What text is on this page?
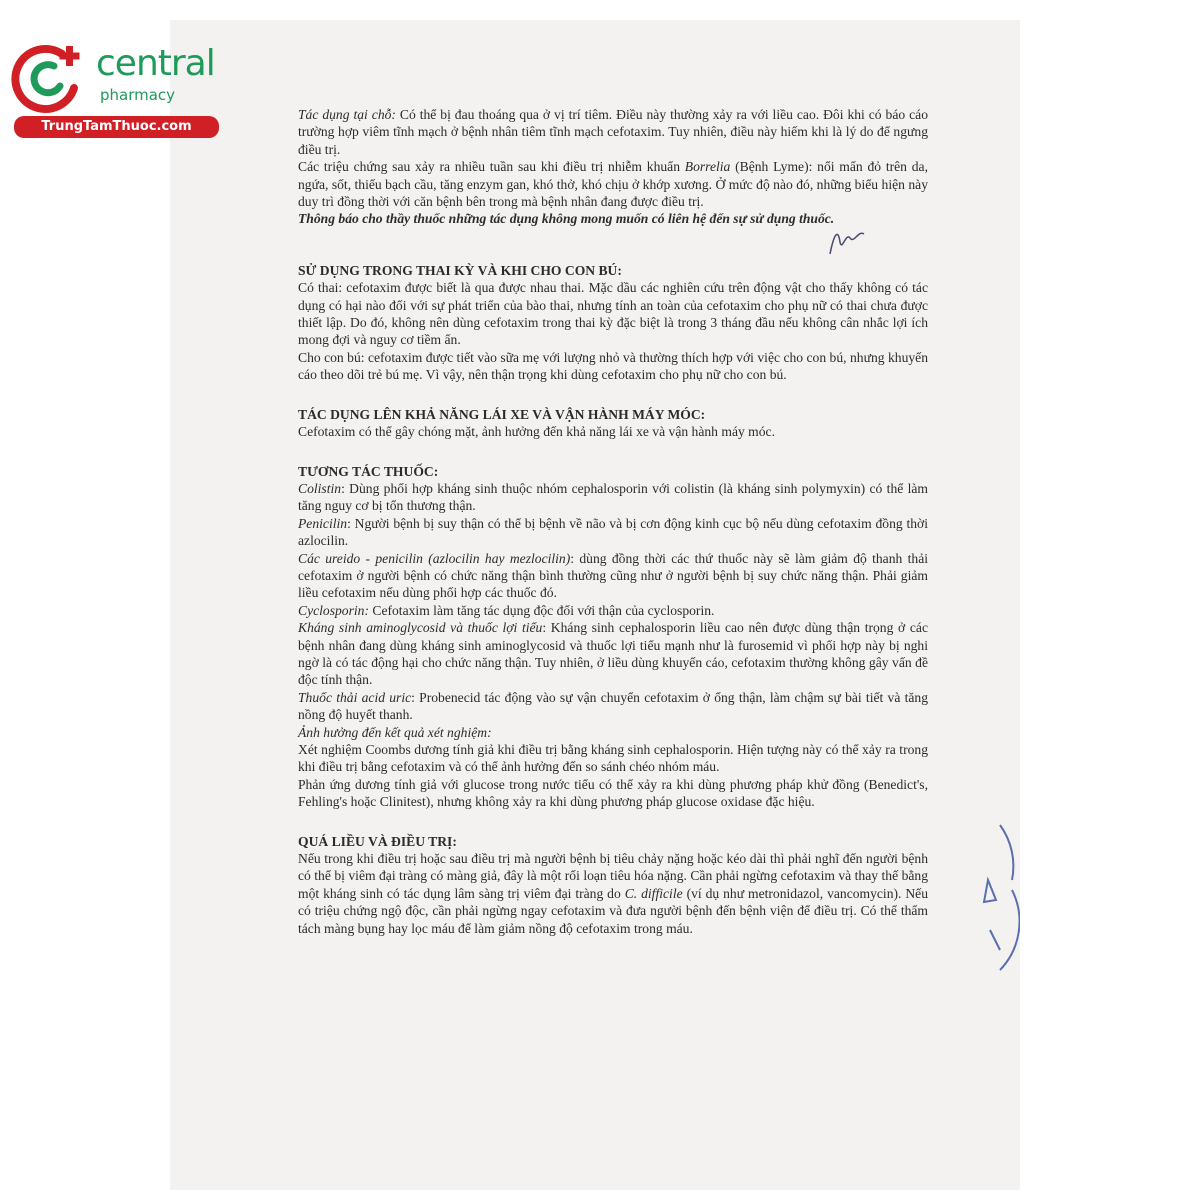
central
pharmacy
TrungTamThuoc.com

Tác dụng tại chỗ: Có thể bị đau thoáng qua ở vị trí tiêm. Điều này thường xảy ra với liều cao. Đôi khi có báo cáo trường hợp viêm tĩnh mạch ở bệnh nhân tiêm tĩnh mạch cefotaxim. Tuy nhiên, điều này hiếm khi là lý do để ngưng điều trị.

Các triệu chứng sau xảy ra nhiều tuần sau khi điều trị nhiễm khuẩn Borrelia (Bệnh Lyme): nổi mẩn đỏ trên da, ngứa, sốt, thiếu bạch cầu, tăng enzym gan, khó thở, khó chịu ở khớp xương. Ở mức độ nào đó, những biểu hiện này duy trì đồng thời với căn bệnh bên trong mà bệnh nhân đang được điều trị.

Thông báo cho thầy thuốc những tác dụng không mong muốn có liên hệ đến sự sử dụng thuốc.

SỬ DỤNG TRONG THAI KỲ VÀ KHI CHO CON BÚ:

Có thai: cefotaxim được biết là qua được nhau thai. Mặc dầu các nghiên cứu trên động vật cho thấy không có tác dụng có hại nào đối với sự phát triển của bào thai, nhưng tính an toàn của cefotaxim cho phụ nữ có thai chưa được thiết lập. Do đó, không nên dùng cefotaxim trong thai kỳ đặc biệt là trong 3 tháng đầu nếu không cân nhắc lợi ích mong đợi và nguy cơ tiềm ẩn.

Cho con bú: cefotaxim được tiết vào sữa mẹ với lượng nhỏ và thường thích hợp với việc cho con bú, nhưng khuyến cáo theo dõi trẻ bú mẹ. Vì vậy, nên thận trọng khi dùng cefotaxim cho phụ nữ cho con bú.

TÁC DỤNG LÊN KHẢ NĂNG LÁI XE VÀ VẬN HÀNH MÁY MÓC:

Cefotaxim có thể gây chóng mặt, ảnh hưởng đến khả năng lái xe và vận hành máy móc.

TƯƠNG TÁC THUỐC:

Colistin: Dùng phối hợp kháng sinh thuộc nhóm cephalosporin với colistin (là kháng sinh polymyxin) có thể làm tăng nguy cơ bị tổn thương thận.

Penicilin: Người bệnh bị suy thận có thể bị bệnh về não và bị cơn động kinh cục bộ nếu dùng cefotaxim đồng thời azlocilin.

Các ureido - penicilin (azlocilin hay mezlocilin): dùng đồng thời các thứ thuốc này sẽ làm giảm độ thanh thải cefotaxim ở người bệnh có chức năng thận bình thường cũng như ở người bệnh bị suy chức năng thận. Phải giảm liều cefotaxim nếu dùng phối hợp các thuốc đó.

Cyclosporin: Cefotaxim làm tăng tác dụng độc đối với thận của cyclosporin.

Kháng sinh aminoglycosid và thuốc lợi tiểu: Kháng sinh cephalosporin liều cao nên được dùng thận trọng ở các bệnh nhân đang dùng kháng sinh aminoglycosid và thuốc lợi tiểu mạnh như là furosemid vì phối hợp này bị nghi ngờ là có tác động hại cho chức năng thận. Tuy nhiên, ở liều dùng khuyến cáo, cefotaxim thường không gây vấn đề độc tính thận.

Thuốc thải acid uric: Probenecid tác động vào sự vận chuyển cefotaxim ở ống thận, làm chậm sự bài tiết và tăng nồng độ huyết thanh.

Ảnh hưởng đến kết quả xét nghiệm:

Xét nghiệm Coombs dương tính giả khi điều trị bằng kháng sinh cephalosporin. Hiện tượng này có thể xảy ra trong khi điều trị bằng cefotaxim và có thể ảnh hưởng đến so sánh chéo nhóm máu.

Phản ứng dương tính giả với glucose trong nước tiểu có thể xảy ra khi dùng phương pháp khử đồng (Benedict's, Fehling's hoặc Clinitest), nhưng không xảy ra khi dùng phương pháp glucose oxidase đặc hiệu.

QUÁ LIỀU VÀ ĐIỀU TRỊ:

Nếu trong khi điều trị hoặc sau điều trị mà người bệnh bị tiêu chảy nặng hoặc kéo dài thì phải nghĩ đến người bệnh có thể bị viêm đại tràng có màng giả, đây là một rối loạn tiêu hóa nặng. Cần phải ngừng cefotaxim và thay thế bằng một kháng sinh có tác dụng lâm sàng trị viêm đại tràng do C. difficile (ví dụ như metronidazol, vancomycin). Nếu có triệu chứng ngộ độc, cần phải ngừng ngay cefotaxim và đưa người bệnh đến bệnh viện để điều trị. Có thể thẩm tách màng bụng hay lọc máu để làm giảm nồng độ cefotaxim trong máu.
